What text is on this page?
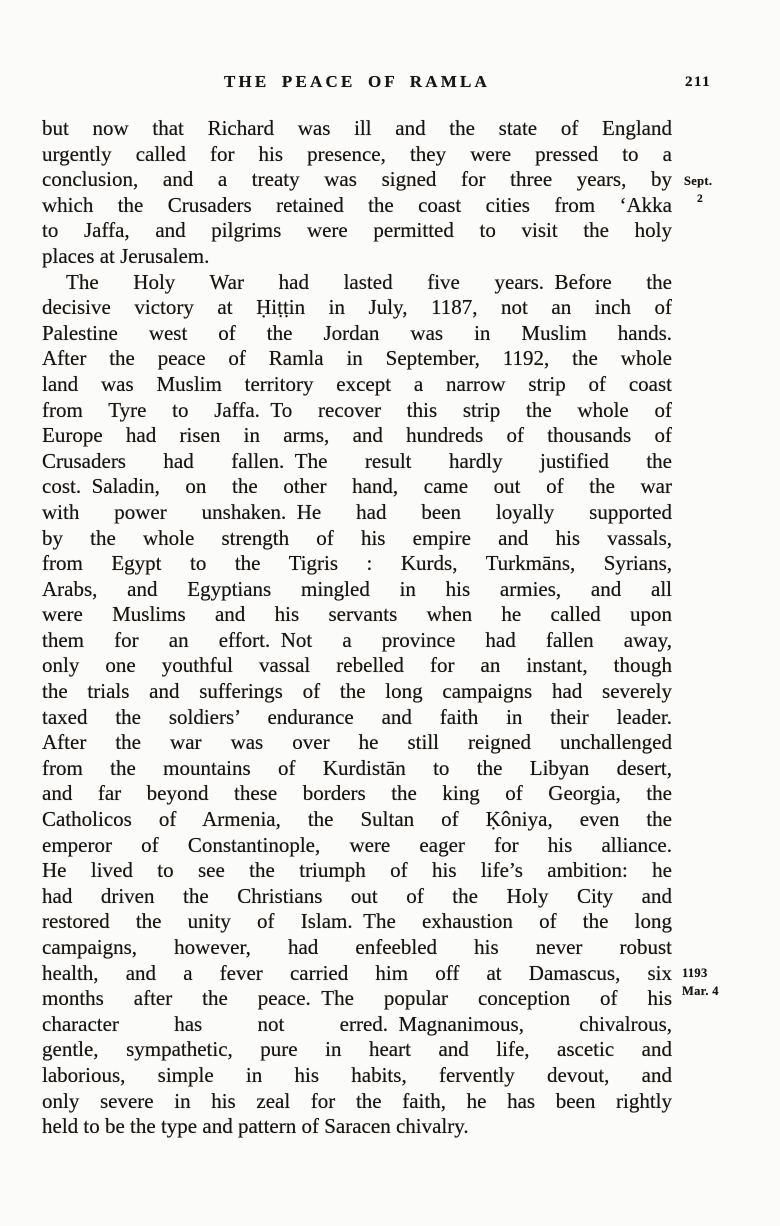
THE PEACE OF RAMLA	211
but now that Richard was ill and the state of England
urgently called for his presence, they were pressed to a
conclusion, and a treaty was signed for three years, by
which the Crusaders retained the coast cities from ‘Akka
to Jaffa, and pilgrims were permitted to visit the holy
places at Jerusalem.
The Holy War had lasted five years. Before the
decisive victory at Ḥiṭṭin in July, 1187, not an inch of
Palestine west of the Jordan was in Muslim hands.
After the peace of Ramla in September, 1192, the whole
land was Muslim territory except a narrow strip of coast
from Tyre to Jaffa. To recover this strip the whole of
Europe had risen in arms, and hundreds of thousands of
Crusaders had fallen. The result hardly justified the
cost. Saladin, on the other hand, came out of the war
with power unshaken. He had been loyally supported
by the whole strength of his empire and his vassals,
from Egypt to the Tigris : Kurds, Turkmāns, Syrians,
Arabs, and Egyptians mingled in his armies, and all
were Muslims and his servants when he called upon
them for an effort. Not a province had fallen away,
only one youthful vassal rebelled for an instant, though
the trials and sufferings of the long campaigns had severely
taxed the soldiers’ endurance and faith in their leader.
After the war was over he still reigned unchallenged
from the mountains of Kurdistān to the Libyan desert,
and far beyond these borders the king of Georgia, the
Catholicos of Armenia, the Sultan of Ḳôniya, even the
emperor of Constantinople, were eager for his alliance.
He lived to see the triumph of his life’s ambition: he
had driven the Christians out of the Holy City and
restored the unity of Islam. The exhaustion of the long
campaigns, however, had enfeebled his never robust
health, and a fever carried him off at Damascus, six
months after the peace. The popular conception of his
character has not erred. Magnanimous, chivalrous,
gentle, sympathetic, pure in heart and life, ascetic and
laborious, simple in his habits, fervently devout, and
only severe in his zeal for the faith, he has been rightly
held to be the type and pattern of Saracen chivalry.
Sept.
2
1193
Mar. 4
